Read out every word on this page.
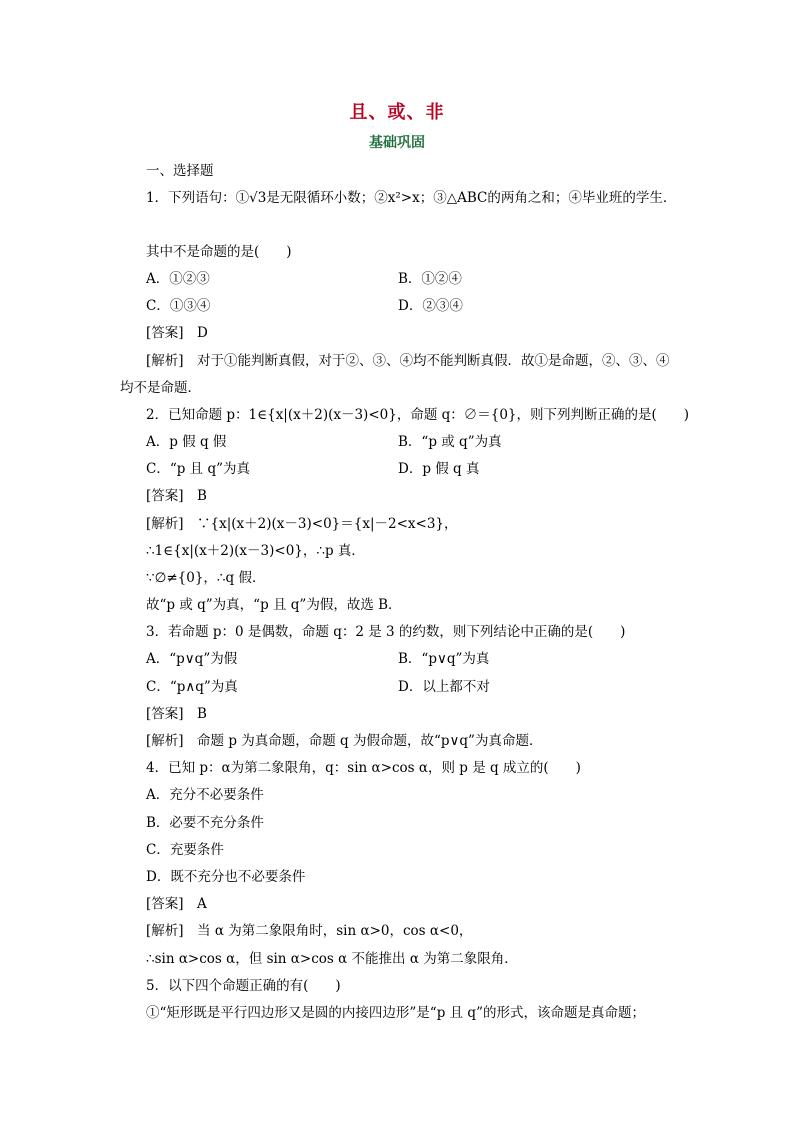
且、或、非
基础巩固
一、选择题
1．下列语句：①√3是无限循环小数；②x²>x；③△ABC的两角之和；④毕业班的学生．
其中不是命题的是(　　)
A．①②③	B．①②④
C．①③④	D．②③④
[答案]　D
[解析]　对于①能判断真假，对于②、③、④均不能判断真假．故①是命题，②、③、④
均不是命题．
2．已知命题 p：1∈{x|(x＋2)(x－3)<0}，命题 q：∅＝{0}，则下列判断正确的是(　　)
A．p 假 q 假	B．“p 或 q”为真
C．“p 且 q”为真	D．p 假 q 真
[答案]　B
[解析]　∵{x|(x＋2)(x－3)<0}＝{x|－2<x<3}，
∴1∈{x|(x＋2)(x－3)<0}，∴p 真．
∵∅≠{0}，∴q 假．
故“p 或 q”为真，“p 且 q”为假，故选 B．
3．若命题 p：0 是偶数，命题 q：2 是 3 的约数，则下列结论中正确的是(　　)
A．“p∨q”为假	B．“p∨q”为真
C．“p∧q”为真	D．以上都不对
[答案]　B
[解析]　命题 p 为真命题，命题 q 为假命题，故“p∨q”为真命题．
4．已知 p：α为第二象限角，q：sin α>cos α，则 p 是 q 成立的(　　)
A．充分不必要条件
B．必要不充分条件
C．充要条件
D．既不充分也不必要条件
[答案]　A
[解析]　当 α 为第二象限角时，sin α>0，cos α<0，
∴sin α>cos α，但 sin α>cos α 不能推出 α 为第二象限角．
5．以下四个命题正确的有(　　)
①“矩形既是平行四边形又是圆的内接四边形”是“p 且 q”的形式，该命题是真命题；
